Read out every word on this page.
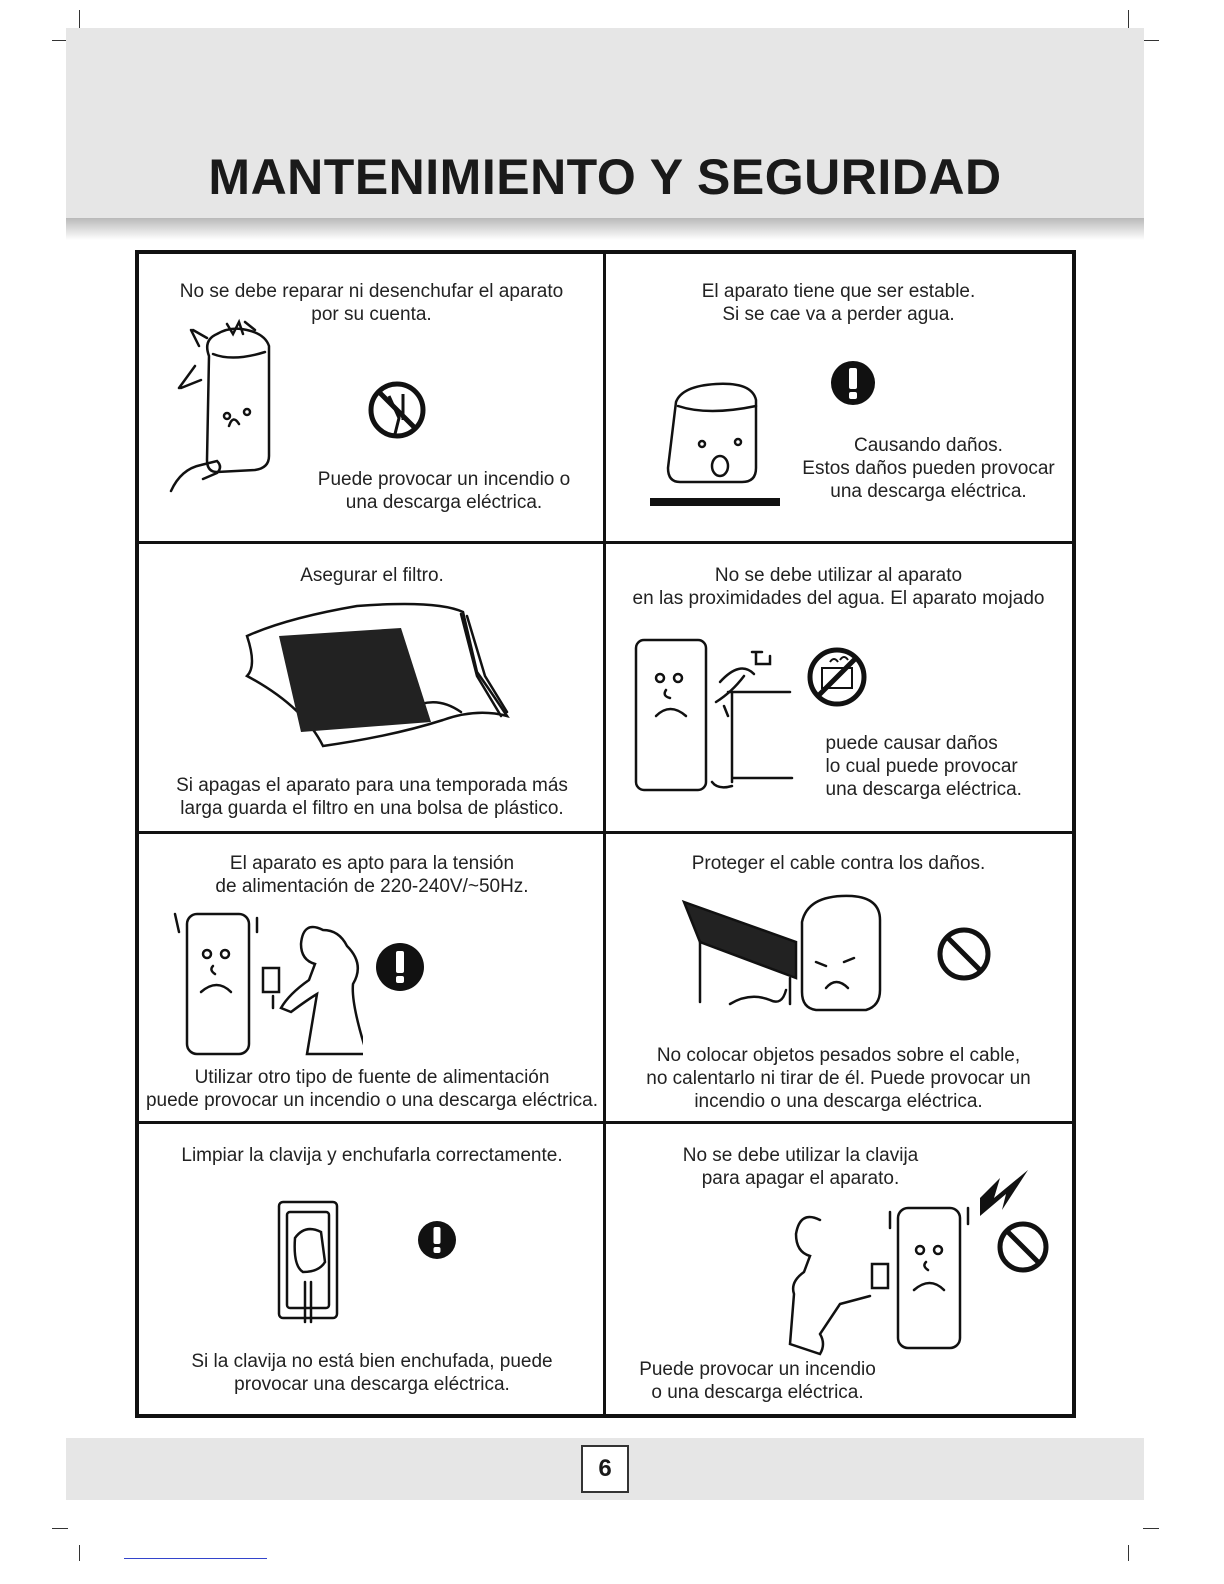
MANTENIMIENTO Y SEGURIDAD
No se debe reparar ni desenchufar el aparato
por su cuenta.
Puede provocar un incendio o
una descarga eléctrica.
El aparato tiene que ser estable.
Si se cae va a perder agua.
Causando daños.
Estos daños pueden provocar
una descarga eléctrica.
Asegurar el filtro.
Si apagas el aparato para una temporada más
larga guarda el filtro en una bolsa de plástico.
No se debe utilizar al aparato
en las proximidades del agua. El aparato mojado
puede causar daños
lo cual puede provocar
una descarga eléctrica.
El aparato es apto para la tensión
de alimentación de 220-240V/~50Hz.
Utilizar otro tipo de fuente de alimentación
puede provocar un incendio o una descarga eléctrica.
Proteger el cable contra los daños.
No colocar objetos pesados sobre el cable,
no calentarlo ni tirar de él. Puede provocar un
incendio o una descarga eléctrica.
Limpiar la clavija y enchufarla correctamente.
Si la clavija no está bien enchufada, puede
provocar una descarga eléctrica.
No se debe utilizar la clavija
para apagar el aparato.
Puede provocar un incendio
o una descarga eléctrica.
6
